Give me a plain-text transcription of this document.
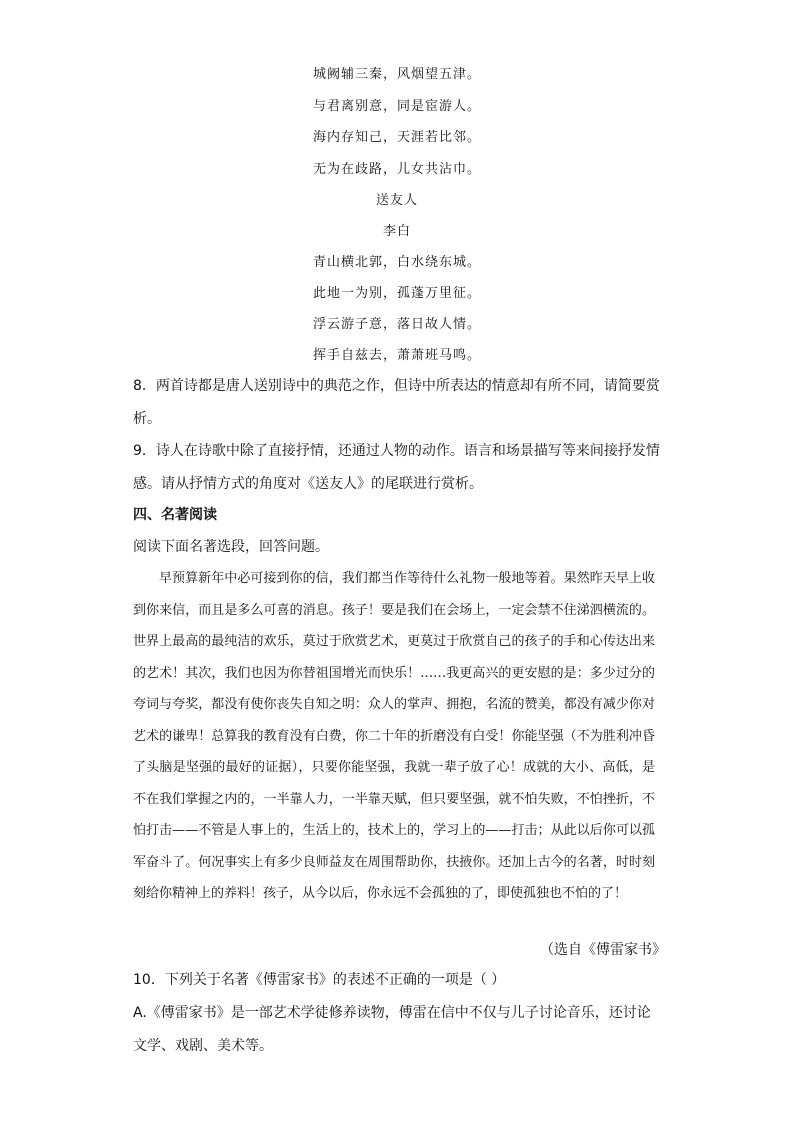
城阙辅三秦，风烟望五津。
与君离别意，同是宦游人。
海内存知己，天涯若比邻。
无为在歧路，儿女共沾巾。
送友人
李白
青山横北郭，白水绕东城。
此地一为别，孤蓬万里征。
浮云游子意，落日故人情。
挥手自兹去，萧萧班马鸣。
8．两首诗都是唐人送别诗中的典范之作，但诗中所表达的情意却有所不同，请简要赏析。
9．诗人在诗歌中除了直接抒情，还通过人物的动作。语言和场景描写等来间接抒发情感。请从抒情方式的角度对《送友人》的尾联进行赏析。
四、名著阅读
阅读下面名著选段，回答问题。
早预算新年中必可接到你的信，我们都当作等待什么礼物一般地等着。果然昨天早上收到你来信，而且是多么可喜的消息。孩子！要是我们在会场上，一定会禁不住涕泗横流的。世界上最高的最纯洁的欢乐，莫过于欣赏艺术，更莫过于欣赏自己的孩子的手和心传达出来的艺术！其次，我们也因为你替祖国增光而快乐！……我更高兴的更安慰的是：多少过分的夸词与夸奖，都没有使你丧失自知之明：众人的掌声、拥抱，名流的赞美，都没有减少你对艺术的谦卑！总算我的教育没有白费，你二十年的折磨没有白受！你能坚强（不为胜利冲昏了头脑是坚强的最好的证据），只要你能坚强，我就一辈子放了心！成就的大小、高低，是不在我们掌握之内的，一半靠人力，一半靠天赋，但只要坚强，就不怕失败，不怕挫折，不怕打击——不管是人事上的，生活上的，技术上的，学习上的——打击；从此以后你可以孤军奋斗了。何况事实上有多少良师益友在周围帮助你，扶掖你。还加上古今的名著，时时刻刻给你精神上的养料！孩子，从今以后，你永远不会孤独的了，即使孤独也不怕的了！
（选自《傅雷家书》
10．下列关于名著《傅雷家书》的表述不正确的一项是（ ）
A.《傅雷家书》是一部艺术学徒修养读物，傅雷在信中不仅与儿子讨论音乐，还讨论文学、戏剧、美术等。
